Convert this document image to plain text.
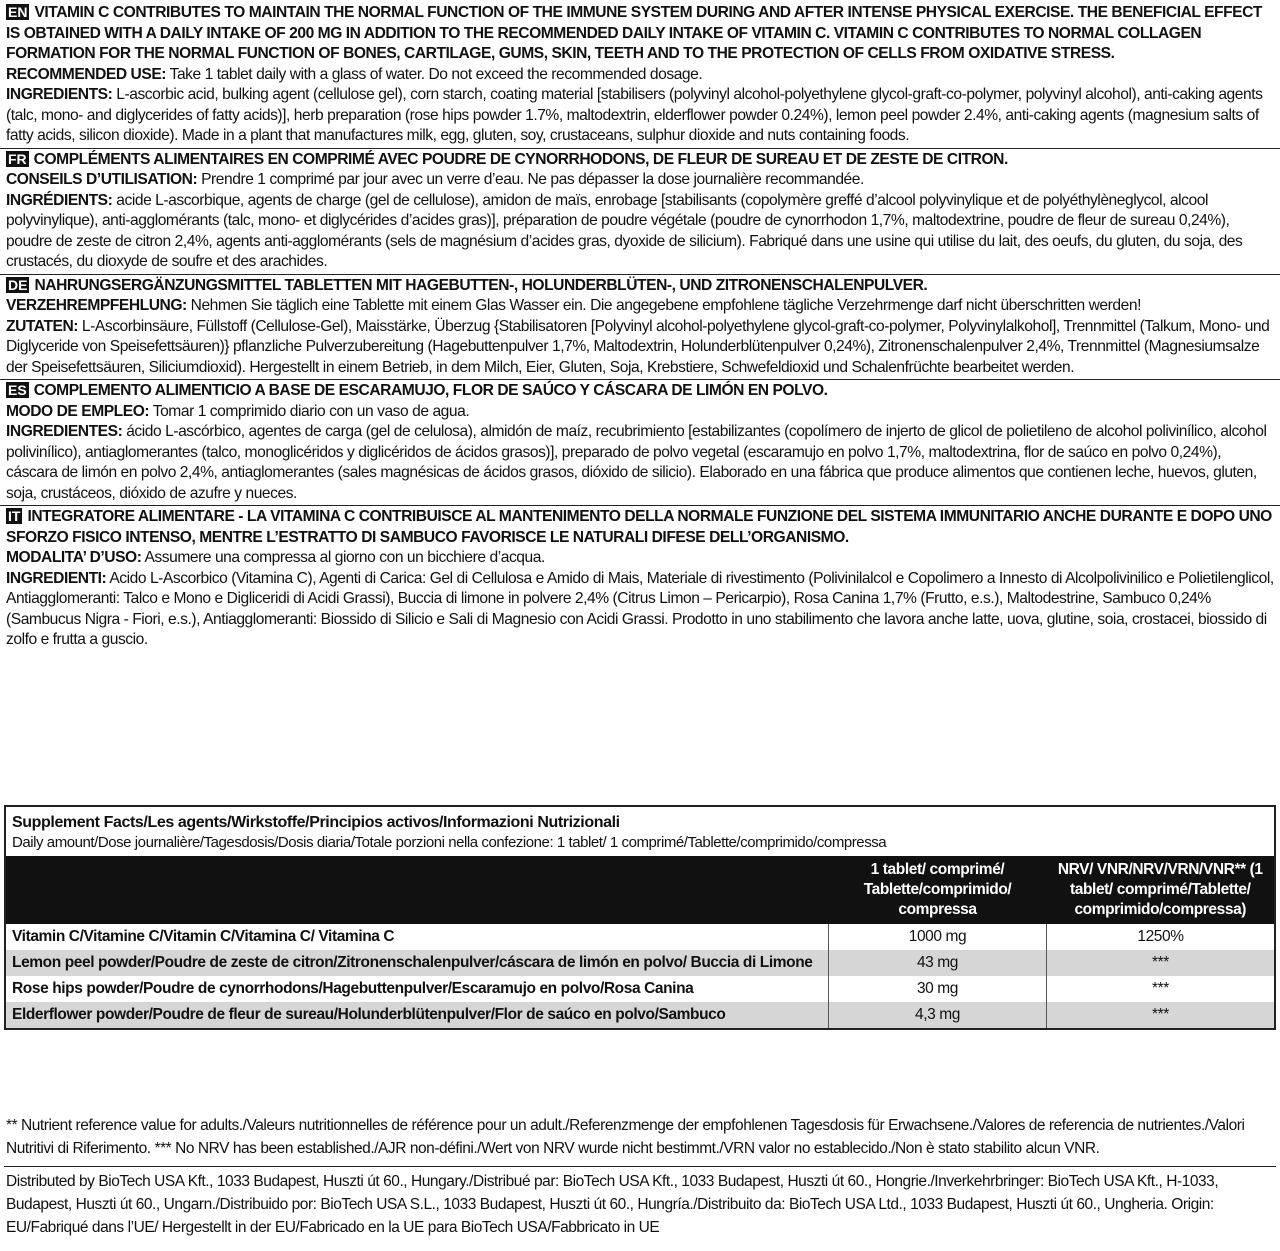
EN VITAMIN C CONTRIBUTES TO MAINTAIN THE NORMAL FUNCTION OF THE IMMUNE SYSTEM DURING AND AFTER INTENSE PHYSICAL EXERCISE. THE BENEFICIAL EFFECT IS OBTAINED WITH A DAILY INTAKE OF 200 MG IN ADDITION TO THE RECOMMENDED DAILY INTAKE OF VITAMIN C. VITAMIN C CONTRIBUTES TO NORMAL COLLAGEN FORMATION FOR THE NORMAL FUNCTION OF BONES, CARTILAGE, GUMS, SKIN, TEETH AND TO THE PROTECTION OF CELLS FROM OXIDATIVE STRESS.

RECOMMENDED USE: Take 1 tablet daily with a glass of water. Do not exceed the recommended dosage.

INGREDIENTS: L-ascorbic acid, bulking agent (cellulose gel), corn starch, coating material [stabilisers (polyvinyl alcohol-polyethylene glycol-graft-co-polymer, polyvinyl alcohol), anti-caking agents (talc, mono- and diglycerides of fatty acids)], herb preparation (rose hips powder 1.7%, maltodextrin, elderflower powder 0.24%), lemon peel powder 2.4%, anti-caking agents (magnesium salts of fatty acids, silicon dioxide). Made in a plant that manufactures milk, egg, gluten, soy, crustaceans, sulphur dioxide and nuts containing foods.

FR COMPLÉMENTS ALIMENTAIRES EN COMPRIMÉ AVEC POUDRE DE CYNORRHODONS, DE FLEUR DE SUREAU ET DE ZESTE DE CITRON.

CONSEILS D’UTILISATION: Prendre 1 comprimé par jour avec un verre d’eau. Ne pas dépasser la dose journalière recommandée.

INGRÉDIENTS: acide L-ascorbique, agents de charge (gel de cellulose), amidon de maïs, enrobage [stabilisants (copolymère greffé d’alcool polyvinylique et de polyéthylèneglycol, alcool polyvinylique), anti-agglomérants (talc, mono- et diglycérides d’acides gras)], préparation de poudre végétale (poudre de cynorrhodon 1,7%, maltodextrine, poudre de fleur de sureau 0,24%), poudre de zeste de citron 2,4%, agents anti-agglomérants (sels de magnésium d’acides gras, dyoxide de silicium). Fabriqué dans une usine qui utilise du lait, des oeufs, du gluten, du soja, des crustacés, du dioxyde de soufre et des arachides.

DE NAHRUNGSERGÄNZUNGSMITTEL TABLETTEN MIT HAGEBUTTEN-, HOLUNDERBLÜTEN-, UND ZITRONENSCHALENPULVER.

VERZEHREMPFEHLUNG: Nehmen Sie täglich eine Tablette mit einem Glas Wasser ein. Die angegebene empfohlene tägliche Verzehrmenge darf nicht überschritten werden!

ZUTATEN: L-Ascorbinsäure, Füllstoff (Cellulose-Gel), Maisstärke, Überzug {Stabilisatoren [Polyvinyl alcohol-polyethylene glycol-graft-co-polymer, Polyvinylalkohol], Trennmittel (Talkum, Mono- und Diglyceride von Speisefettsäuren)} pflanzliche Pulverzubereitung (Hagebuttenpulver 1,7%, Maltodextrin, Holunderblütenpulver 0,24%), Zitronenschalenpulver 2,4%, Trennmittel (Magnesiumsalze der Speisefettsäuren, Siliciumdioxid). Hergestellt in einem Betrieb, in dem Milch, Eier, Gluten, Soja, Krebstiere, Schwefeldioxid und Schalenfrüchte bearbeitet werden.

ES COMPLEMENTO ALIMENTICIO A BASE DE ESCARAMUJO, FLOR DE SAÚCO Y CÁSCARA DE LIMÓN EN POLVO.

MODO DE EMPLEO: Tomar 1 comprimido diario con un vaso de agua.

INGREDIENTES: ácido L-ascórbico, agentes de carga (gel de celulosa), almidón de maíz, recubrimiento [estabilizantes (copolímero de injerto de glicol de polietileno de alcohol polivinílico, alcohol polivinílico), antiaglomerantes (talco, monoglicéridos y diglicéridos de ácidos grasos)], preparado de polvo vegetal (escaramujo en polvo 1,7%, maltodextrina, flor de saúco en polvo 0,24%), cáscara de limón en polvo 2,4%, antiaglomerantes (sales magnésicas de ácidos grasos, dióxido de silicio). Elaborado en una fábrica que produce alimentos que contienen leche, huevos, gluten, soja, crustáceos, dióxido de azufre y nueces.

IT INTEGRATORE ALIMENTARE - LA VITAMINA C CONTRIBUISCE AL MANTENIMENTO DELLA NORMALE FUNZIONE DEL SISTEMA IMMUNITARIO ANCHE DURANTE E DOPO UNO SFORZO FISICO INTENSO, MENTRE L’ESTRATTO DI SAMBUCO FAVORISCE LE NATURALI DIFESE DELL’ORGANISMO.

MODALITA’ D’USO: Assumere una compressa al giorno con un bicchiere d’acqua.

INGREDIENTI: Acido L-Ascorbico (Vitamina C), Agenti di Carica: Gel di Cellulosa e Amido di Mais, Materiale di rivestimento (Polivinilalcol e Copolimero a Innesto di Alcolpolivinilico e Polietilenglicol, Antiagglomeranti: Talco e Mono e Digliceridi di Acidi Grassi), Buccia di limone in polvere 2,4% (Citrus Limon – Pericarpio), Rosa Canina 1,7% (Frutto, e.s.), Maltodestrine, Sambuco 0,24% (Sambucus Nigra - Fiori, e.s.), Antiagglomeranti: Biossido di Silicio e Sali di Magnesio con Acidi Grassi. Prodotto in uno stabilimento che lavora anche latte, uova, glutine, soia, crostacei, biossido di zolfo e frutta a guscio.

Supplement Facts/Les agents/Wirkstoffe/Principios activos/Informazioni Nutrizionali
Daily amount/Dose journalière/Tagesdosis/Dosis diaria/Totale porzioni nella confezione: 1 tablet/ 1 comprimé/Tablette/comprimido/compressa
	1 tablet/ comprimé/ Tablette/comprimido/ compressa	NRV/ VNR/NRV/VRN/VNR** (1 tablet/ comprimé/Tablette/ comprimido/compressa)
Vitamin C/Vitamine C/Vitamin C/Vitamina C/ Vitamina C	1000 mg	1250%
Lemon peel powder/Poudre de zeste de citron/Zitronenschalenpulver/cáscara de limón en polvo/ Buccia di Limone	43 mg	***
Rose hips powder/Poudre de cynorrhodons/Hagebuttenpulver/Escaramujo en polvo/Rosa Canina	30 mg	***
Elderflower powder/Poudre de fleur de sureau/Holunderblütenpulver/Flor de saúco en polvo/Sambuco	4,3 mg	***
** Nutrient reference value for adults./Valeurs nutritionnelles de référence pour un adult./Referenzmenge der empfohlenen Tagesdosis für Erwachsene./Valores de referencia de nutrientes./Valori Nutritivi di Riferimento. *** No NRV has been established./AJR non-défini./Wert von NRV wurde nicht bestimmt./VRN valor no establecido./Non è stato stabilito alcun VNR.
Distributed by BioTech USA Kft., 1033 Budapest, Huszti út 60., Hungary./Distribué par: BioTech USA Kft., 1033 Budapest, Huszti út 60., Hongrie./Inverkehrbringer: BioTech USA Kft., H-1033, Budapest, Huszti út 60., Ungarn./Distribuido por: BioTech USA S.L., 1033 Budapest, Huszti út 60., Hungría./Distribuito da: BioTech USA Ltd., 1033 Budapest, Huszti út 60., Ungheria. Origin: EU/Fabriqué dans l’UE/ Hergestellt in der EU/Fabricado en la UE para BioTech USA/Fabbricato in UE
